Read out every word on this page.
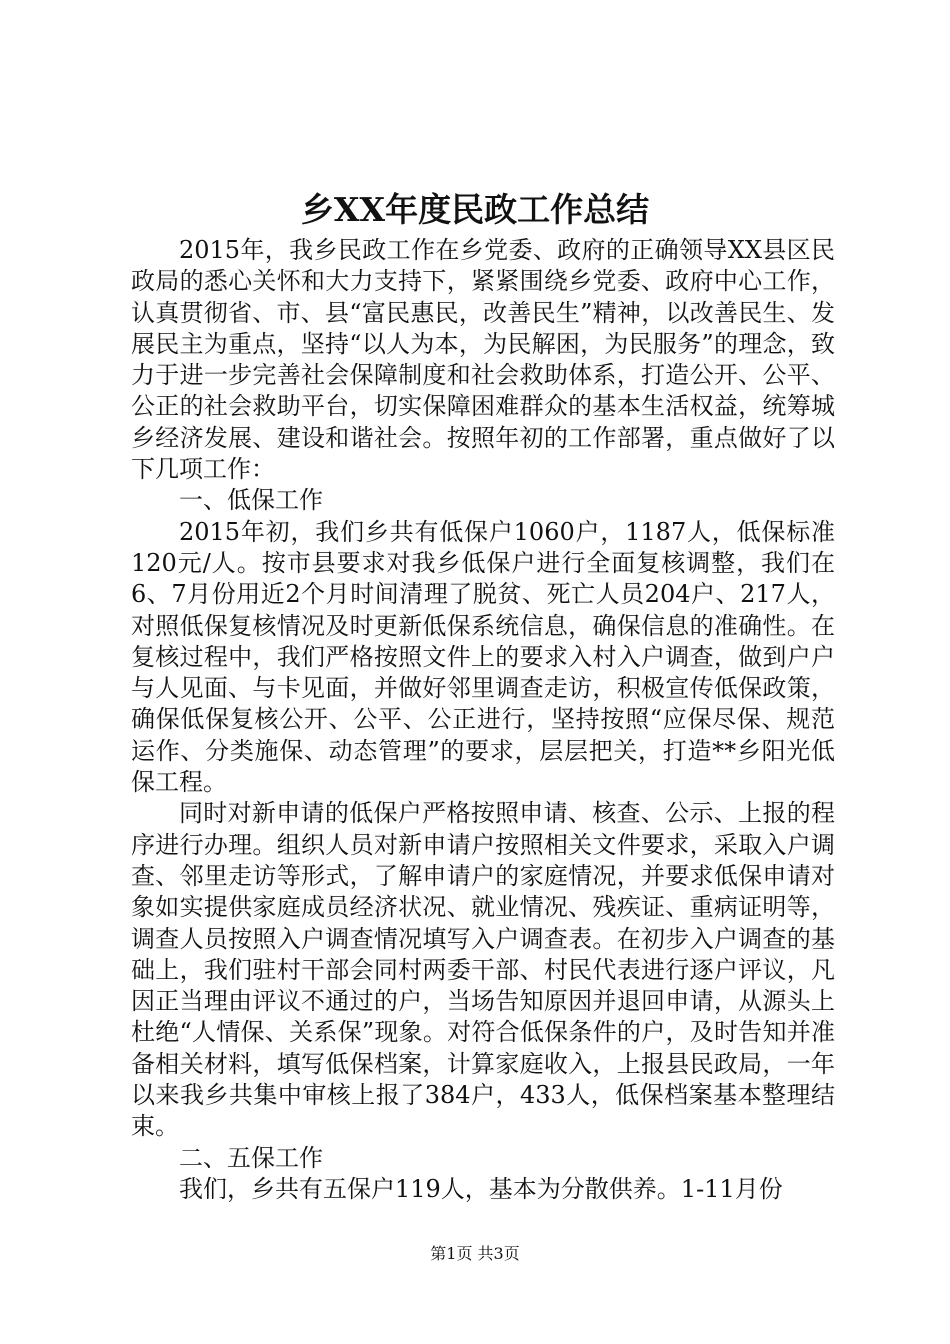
乡XX年度民政工作总结

2015年，我乡民政工作在乡党委、政府的正确领导XX县区民政局的悉心关怀和大力支持下，紧紧围绕乡党委、政府中心工作，认真贯彻省、市、县“富民惠民，改善民生”精神，以改善民生、发展民主为重点，坚持“以人为本，为民解困，为民服务”的理念，致力于进一步完善社会保障制度和社会救助体系，打造公开、公平、公正的社会救助平台，切实保障困难群众的基本生活权益，统筹城乡经济发展、建设和谐社会。按照年初的工作部署，重点做好了以下几项工作：

一、低保工作

2015年初，我们乡共有低保户1060户，1187人，低保标准120元/人。按市县要求对我乡低保户进行全面复核调整，我们在6、7月份用近2个月时间清理了脱贫、死亡人员204户、217人，对照低保复核情况及时更新低保系统信息，确保信息的准确性。在复核过程中，我们严格按照文件上的要求入村入户调查，做到户户与人见面、与卡见面，并做好邻里调查走访，积极宣传低保政策，确保低保复核公开、公平、公正进行，坚持按照“应保尽保、规范运作、分类施保、动态管理”的要求，层层把关，打造**乡阳光低保工程。

同时对新申请的低保户严格按照申请、核查、公示、上报的程序进行办理。组织人员对新申请户按照相关文件要求，采取入户调查、邻里走访等形式，了解申请户的家庭情况，并要求低保申请对象如实提供家庭成员经济状况、就业情况、残疾证、重病证明等，调查人员按照入户调查情况填写入户调查表。在初步入户调查的基础上，我们驻村干部会同村两委干部、村民代表进行逐户评议，凡因正当理由评议不通过的户，当场告知原因并退回申请，从源头上杜绝“人情保、关系保”现象。对符合低保条件的户，及时告知并准备相关材料，填写低保档案，计算家庭收入，上报县民政局，一年以来我乡共集中审核上报了384户，433人，低保档案基本整理结束。

二、五保工作

我们，乡共有五保户119人，基本为分散供养。1-11月份

第1页 共3页
